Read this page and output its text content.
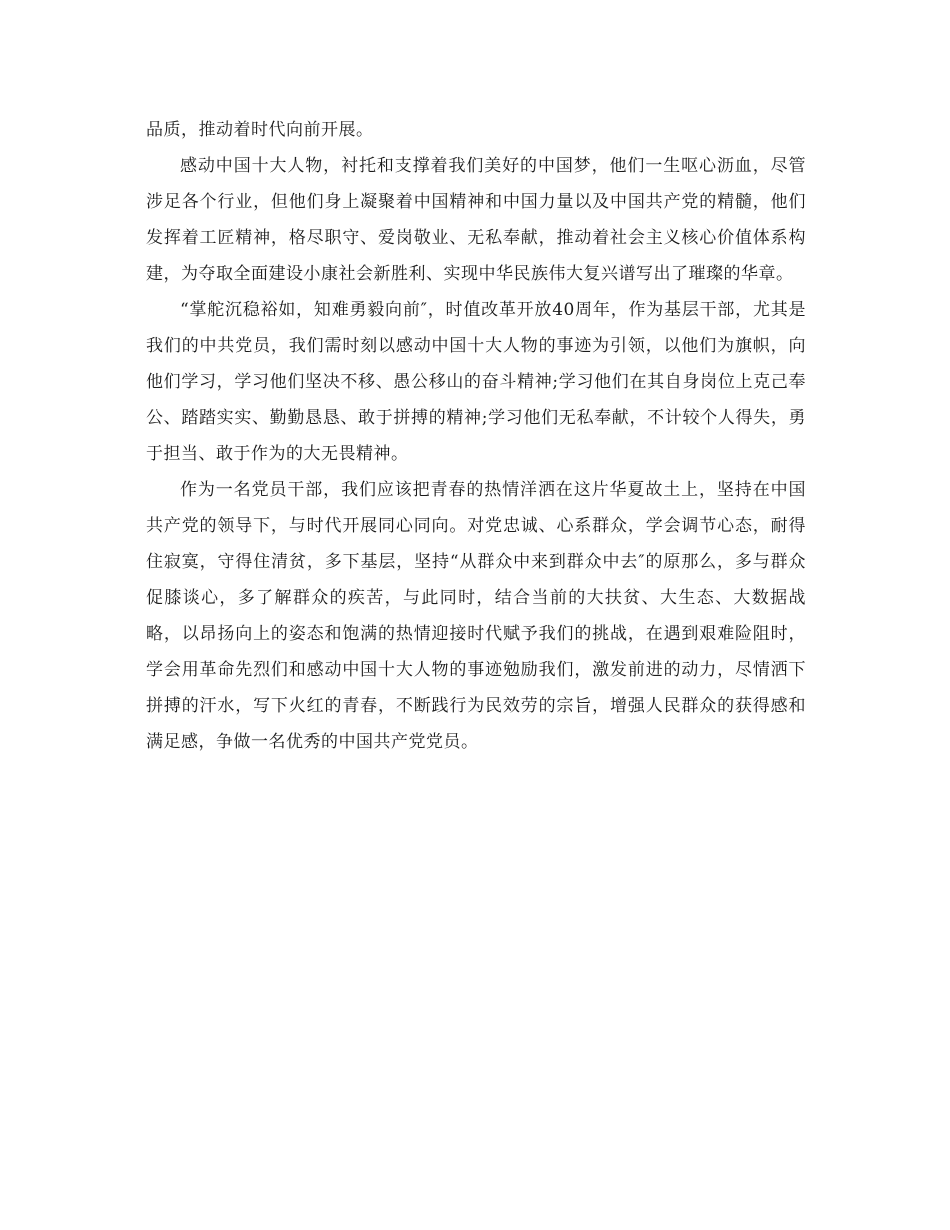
品质，推动着时代向前开展。

感动中国十大人物，衬托和支撑着我们美好的中国梦，他们一生呕心沥血，尽管涉足各个行业，但他们身上凝聚着中国精神和中国力量以及中国共产党的精髓，他们发挥着工匠精神，格尽职守、爱岗敬业、无私奉献，推动着社会主义核心价值体系构建，为夺取全面建设小康社会新胜利、实现中华民族伟大复兴谱写出了璀璨的华章。

“掌舵沉稳裕如，知难勇毅向前″，时值改革开放40周年，作为基层干部，尤其是我们的中共党员，我们需时刻以感动中国十大人物的事迹为引领，以他们为旗帜，向他们学习，学习他们坚决不移、愚公移山的奋斗精神;学习他们在其自身岗位上克己奉公、踏踏实实、勤勤恳恳、敢于拼搏的精神;学习他们无私奉献，不计较个人得失，勇于担当、敢于作为的大无畏精神。

作为一名党员干部，我们应该把青春的热情洋洒在这片华夏故土上，坚持在中国共产党的领导下，与时代开展同心同向。对党忠诚、心系群众，学会调节心态，耐得住寂寞，守得住清贫，多下基层，坚持“从群众中来到群众中去″的原那么，多与群众促膝谈心，多了解群众的疾苦，与此同时，结合当前的大扶贫、大生态、大数据战略，以昂扬向上的姿态和饱满的热情迎接时代赋予我们的挑战，在遇到艰难险阻时，学会用革命先烈们和感动中国十大人物的事迹勉励我们，激发前进的动力，尽情洒下拼搏的汗水，写下火红的青春，不断践行为民效劳的宗旨，增强人民群众的获得感和满足感，争做一名优秀的中国共产党党员。
